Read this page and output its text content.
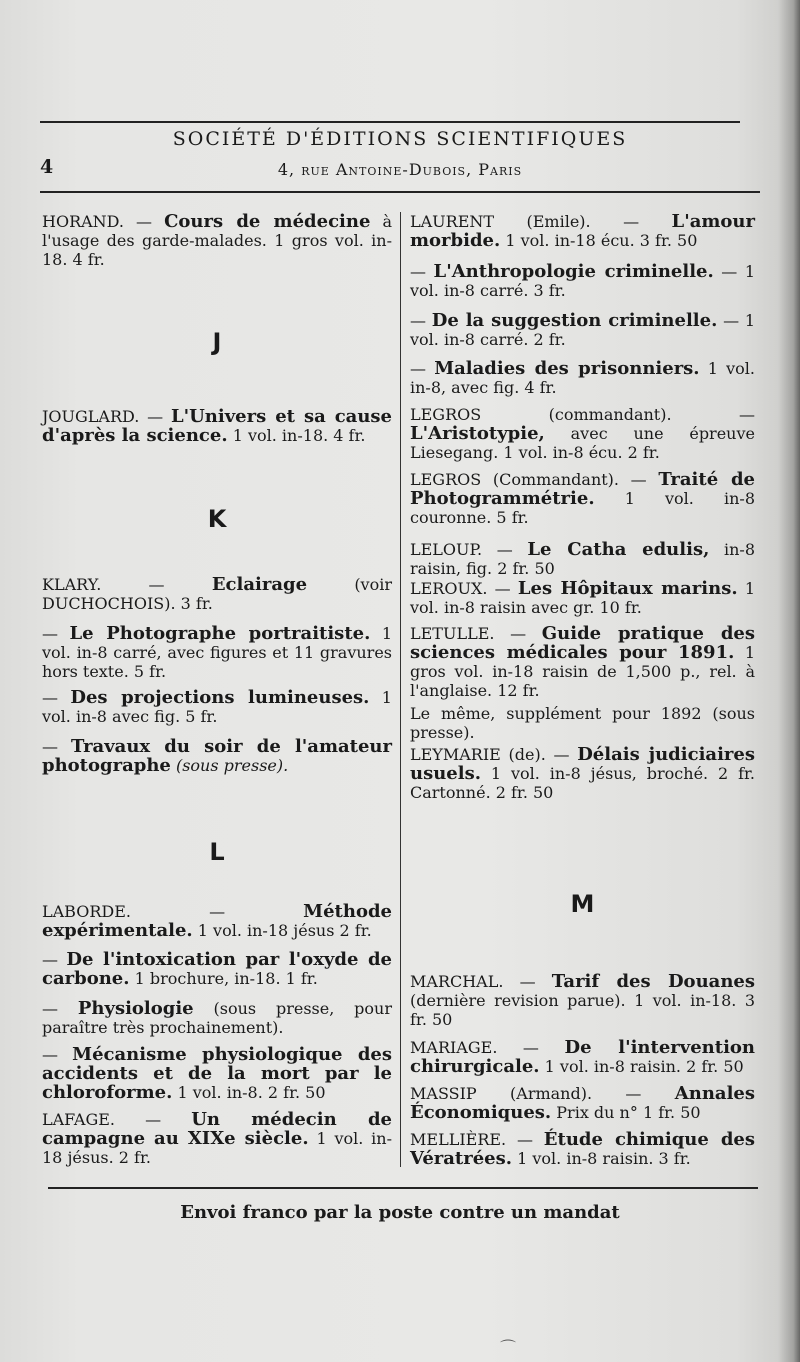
SOCIÉTÉ D'ÉDITIONS SCIENTIFIQUES
4	4, rue Antoine-Dubois, Paris
HORAND. — Cours de médecine à l'usage des garde-malades. 1 gros vol. in-18. 4 fr.
J
JOUGLARD. — L'Univers et sa cause d'après la science. 1 vol. in-18. 4 fr.
K
KLARY. —	Eclairage	(voir DUCHOCHOIS). 3 fr.
— Le Photographe portraitiste. 1 vol. in-8 carré, avec figures et 11 gravures hors texte. 5 fr.
— Des projections lumineuses. 1 vol. in-8 avec fig. 5 fr.
— Travaux du soir de l'amateur photographe (sous presse).
L
LABORDE. —	Méthode expérimentale. 1 vol. in-18 jésus 2 fr.
— De l'intoxication par l'oxyde de carbone. 1 brochure, in-18. 1 fr.
— Physiologie (sous presse, pour paraître très prochainement).
— Mécanisme physiologique des accidents et de la mort par le chloroforme. 1 vol. in-8. 2 fr. 50
LAFAGE. — Un médecin de campagne au XIXe siècle. 1 vol. in-18 jésus. 2 fr.
LAURENT (Emile). — L'amour morbide. 1 vol. in-18 écu. 3 fr. 50
— L'Anthropologie criminelle. — 1 vol. in-8 carré. 3 fr.
— De la suggestion criminelle. — 1 vol. in-8 carré. 2 fr.
— Maladies des prisonniers. 1 vol. in-8, avec fig. 4 fr.
LEGROS (commandant). — L'Aristotypie, avec une épreuve Liesegang. 1 vol. in-8 écu. 2 fr.
LEGROS (Commandant). — Traité de Photogrammétrie. 1 vol. in-8 couronne. 5 fr.
LELOUP. — Le Catha edulis, in-8 raisin, fig. 2 fr. 50
LEROUX. — Les Hôpitaux marins. 1 vol. in-8 raisin avec gr. 10 fr.
LETULLE. — Guide pratique des sciences médicales pour 1891. 1 gros vol. in-18 raisin de 1,500 p., rel. à l'anglaise. 12 fr.
Le même, supplément pour 1892 (sous presse).
LEYMARIE (de). — Délais judiciaires usuels. 1 vol. in-8 jésus, broché. 2 fr. Cartonné. 2 fr. 50
M
MARCHAL. — Tarif des Douanes (dernière revision parue). 1 vol. in-18. 3 fr. 50
MARIAGE. — De l'intervention chirurgicale. 1 vol. in-8 raisin. 2 fr. 50
MASSIP (Armand). — Annales Économiques. Prix du n° 1 fr. 50
MELLIÈRE. — Étude chimique des Vératrées. 1 vol. in-8 raisin. 3 fr.
Envoi franco par la poste contre un mandat
⌒
